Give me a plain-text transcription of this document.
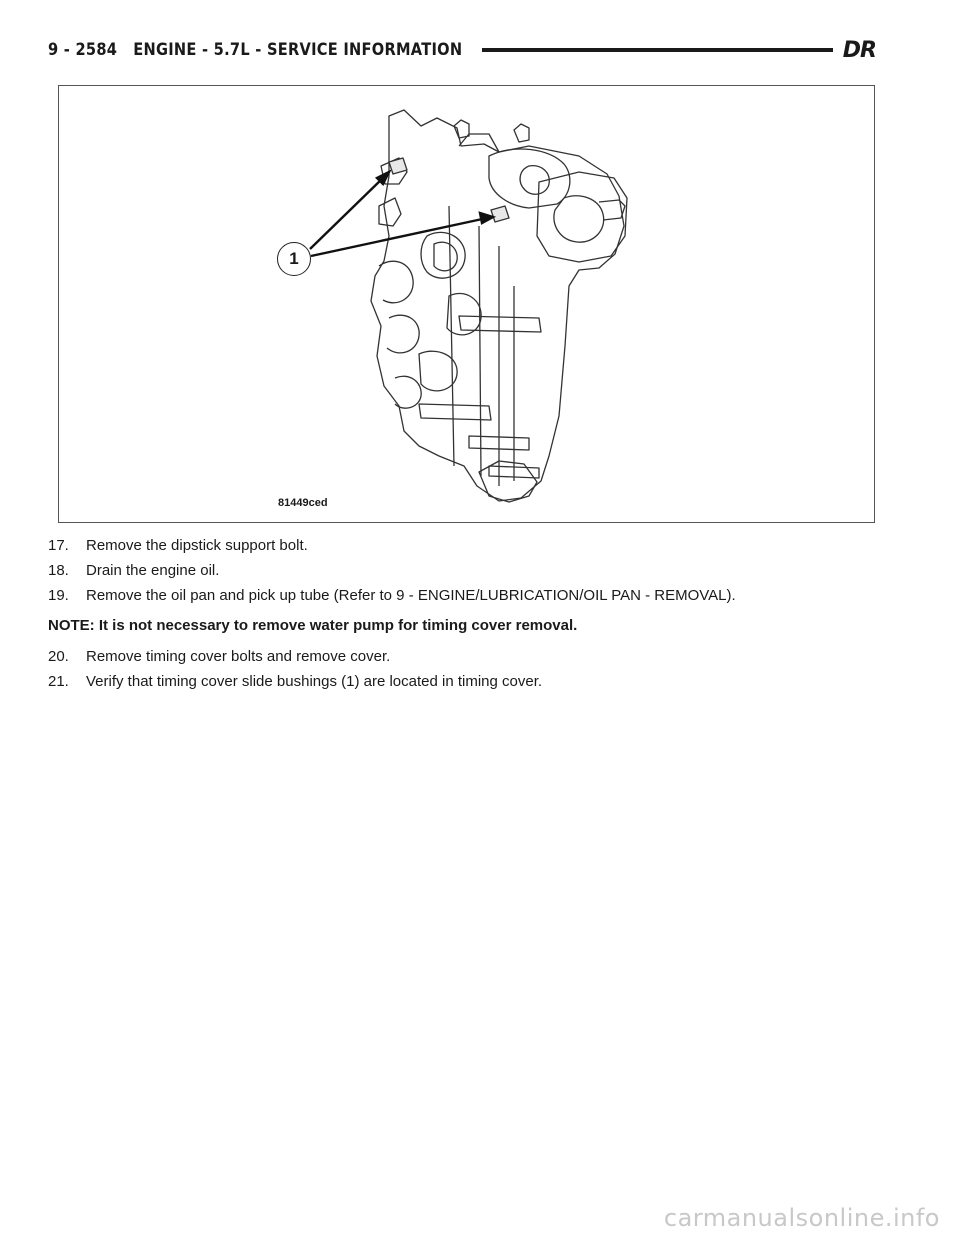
9 - 2584 ENGINE - 5.7L - SERVICE INFORMATION	DR
1
81449ced
17.	Remove the dipstick support bolt.
18.	Drain the engine oil.
19.	Remove the oil pan and pick up tube (Refer to 9 - ENGINE/LUBRICATION/OIL PAN - REMOVAL).
NOTE: It is not necessary to remove water pump for timing cover removal.
20.	Remove timing cover bolts and remove cover.
21.	Verify that timing cover slide bushings (1) are located in timing cover.
carmanualsonline.info
